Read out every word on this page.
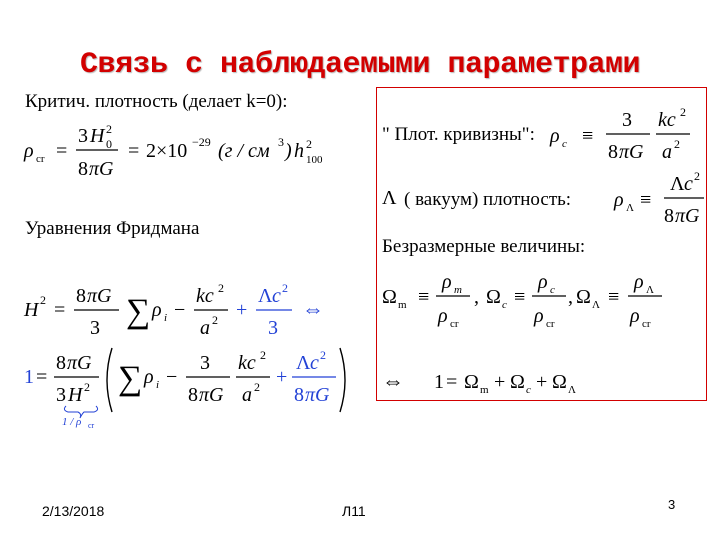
Связь с наблюдаемыми параметрами
Критич. плотность (делает k=0):
ρ cr =
3 H 2
0
8 πG
= 2×10 −29 (г / см 3 ) h 2
100
Уравнения Фридмана
H 2 =
8 πG
3 ∑ ρ i −
kc 2
a 2 +
Λ c 2
3
⇔
1 =
8 πG
3 H 2
1 / ρ cr
∑ ρ i −
3
8 πG
kc 2
a 2 +
Λ c 2
8 πG
" Плот. кривизны": ρ c ≡
3
8 πG
kc 2
a 2
Λ ( вакуум) плотность: ρ Λ ≡
Λ c 2
8 πG
Безразмерные величины:
Ω m ≡
ρ m
ρ cr
, Ω c ≡
ρ c
ρ cr
, Ω Λ ≡
ρ Λ
ρ cr
⇔ 1 = Ω m + Ω c + Ω Λ
2/13/2018	Л11	3
